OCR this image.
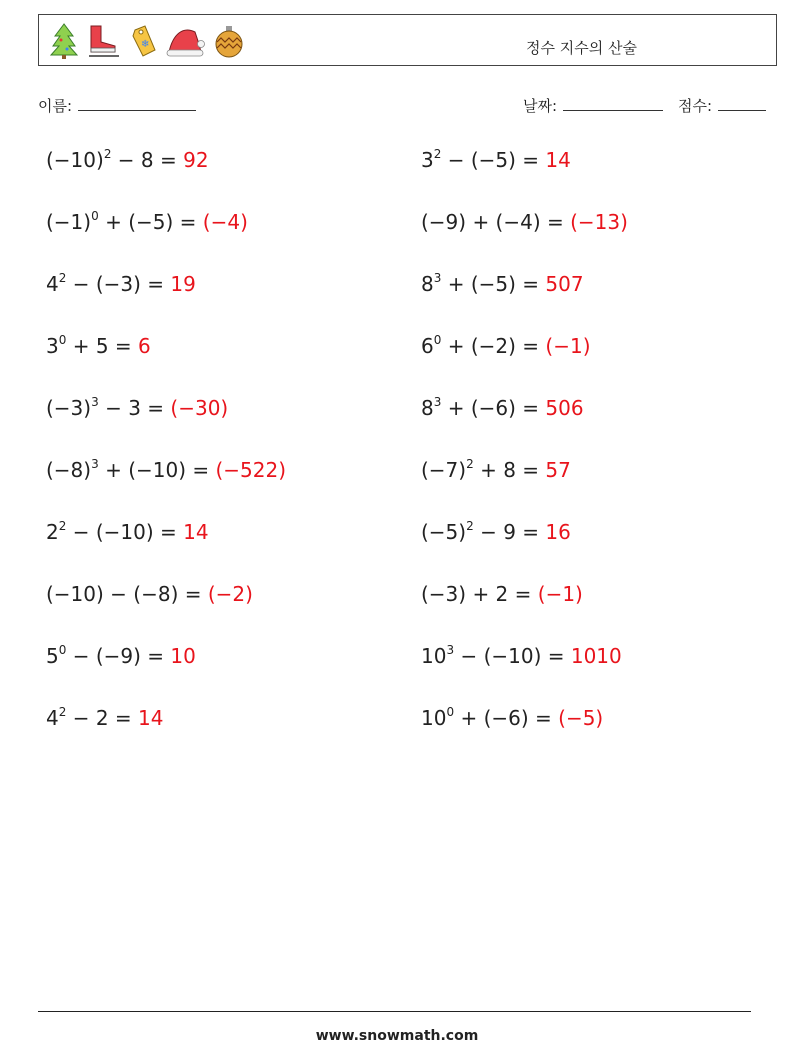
❄	정수 지수의 산술
이름:	날짜:	점수:
$(-10)^2 - 8 = 92$	$3^2 - (-5) = 14$
$(-1)^0 + (-5) = (-4)$	(−9) + (−4) = (−13)
$4^2 - (-3) = 19$	$8^3 + (-5) = 507$
$3^0 + 5 = 6$	$6^0 + (-2) = (-1)$
$(-3)^3 - 3 = (-30)$	$8^3 + (-6) = 506$
$(-8)^3 + (-10) = (-522)$	$(-7)^2 + 8 = 57$
$2^2 - (-10) = 14$	$(-5)^2 - 9 = 16$
(−10) − (−8) = (−2)	(−3) + 2 = (−1)
$5^0 - (-9) = 10$	$10^3 - (-10) = 1010$
$4^2 - 2 = 14$	$10^0 + (-6) = (-5)$
www.snowmath.com
